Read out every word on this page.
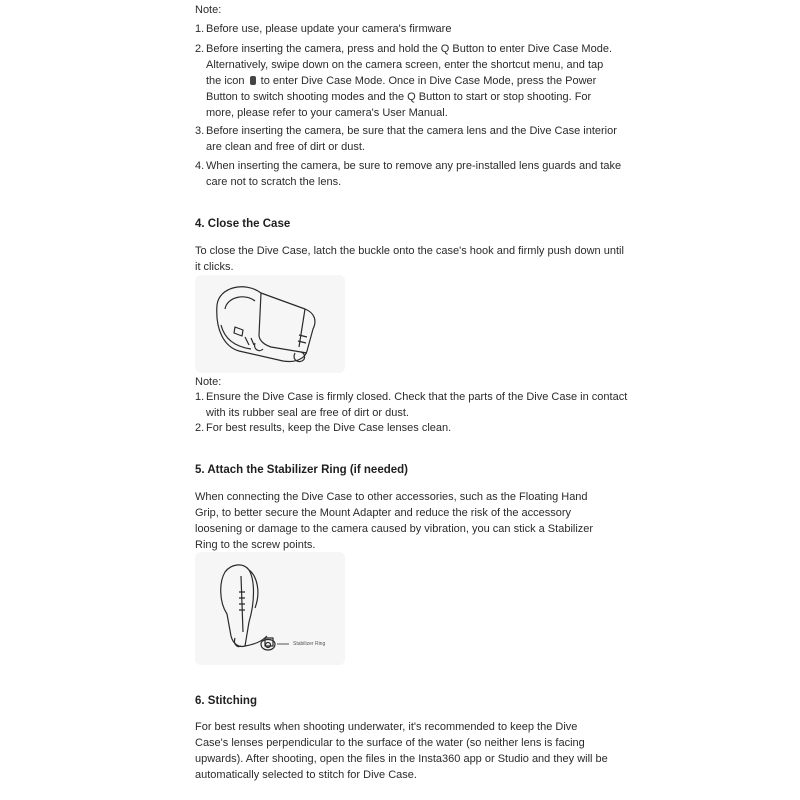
Note:
1. Before use, please update your camera's firmware
2. Before inserting the camera, press and hold the Q Button to enter Dive Case Mode.
Alternatively, swipe down on the camera screen, enter the shortcut menu, and tap
the icon to enter Dive Case Mode. Once in Dive Case Mode, press the Power
Button to switch shooting modes and the Q Button to start or stop shooting. For
more, please refer to your camera's User Manual.
3. Before inserting the camera, be sure that the camera lens and the Dive Case interior
are clean and free of dirt or dust.
4. When inserting the camera, be sure to remove any pre-installed lens guards and take
care not to scratch the lens.
4. Close the Case
To close the Dive Case, latch the buckle onto the case's hook and firmly push down until
it clicks.
Note:
1. Ensure the Dive Case is firmly closed. Check that the parts of the Dive Case in contact
with its rubber seal are free of dirt or dust.
2. For best results, keep the Dive Case lenses clean.
5. Attach the Stabilizer Ring (if needed)
When connecting the Dive Case to other accessories, such as the Floating Hand
Grip, to better secure the Mount Adapter and reduce the risk of the accessory
loosening or damage to the camera caused by vibration, you can stick a Stabilizer
Ring to the screw points.
Stabilizer Ring
6. Stitching
For best results when shooting underwater, it's recommended to keep the Dive
Case's lenses perpendicular to the surface of the water (so neither lens is facing
upwards). After shooting, open the files in the Insta360 app or Studio and they will be
automatically selected to stitch for Dive Case.
